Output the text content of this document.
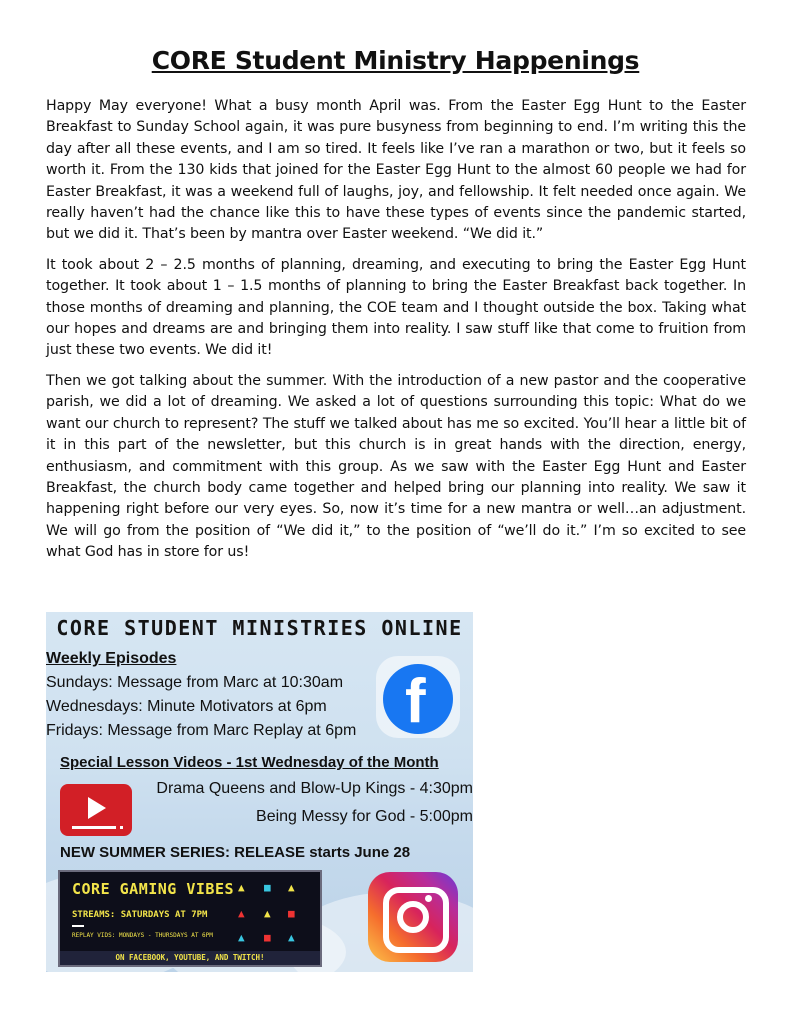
CORE Student Ministry Happenings

Happy May everyone! What a busy month April was. From the Easter Egg Hunt to the Easter Breakfast to Sunday School again, it was pure busyness from beginning to end. I’m writing this the day after all these events, and I am so tired. It feels like I’ve ran a marathon or two, but it feels so worth it. From the 130 kids that joined for the Easter Egg Hunt to the almost 60 people we had for Easter Breakfast, it was a weekend full of laughs, joy, and fellowship. It felt needed once again. We really haven’t had the chance like this to have these types of events since the pandemic started, but we did it. That’s been by mantra over Easter weekend. “We did it.”

It took about 2 – 2.5 months of planning, dreaming, and executing to bring the Easter Egg Hunt together. It took about 1 – 1.5 months of planning to bring the Easter Breakfast back together. In those months of dreaming and planning, the COE team and I thought outside the box. Taking what our hopes and dreams are and bringing them into reality. I saw stuff like that come to fruition from just these two events. We did it!

Then we got talking about the summer. With the introduction of a new pastor and the cooperative parish, we did a lot of dreaming. We asked a lot of questions surrounding this topic: What do we want our church to represent? The stuff we talked about has me so excited. You’ll hear a little bit of it in this part of the newsletter, but this church is in great hands with the direction, energy, enthusiasm, and commitment with this group. As we saw with the Easter Egg Hunt and Easter Breakfast, the church body came together and helped bring our planning into reality. We saw it happening right before our very eyes. So, now it’s time for a new mantra or well…an adjustment. We will go from the position of “We did it,” to the position of “we’ll do it.” I’m so excited to see what God has in store for us!

CORE STUDENT MINISTRIES ONLINE
Weekly Episodes
Sundays: Message from Marc at 10:30am
Wednesdays: Minute Motivators at 6pm
Fridays: Message from Marc Replay at 6pm f
Special Lesson Videos - 1st Wednesday of the Month
Drama Queens and Blow-Up Kings - 4:30pm
Being Messy for God - 5:00pm
NEW SUMMER SERIES: RELEASE starts June 28
CORE GAMING VIBES
STREAMS: SATURDAYS AT 7PM
REPLAY VIDS: MONDAYS - THURSDAYS AT 6PM
▲ ■ ▲
▲ ▲ ■
▲ ■ ▲
ON FACEBOOK, YOUTUBE, AND TWITCH!
